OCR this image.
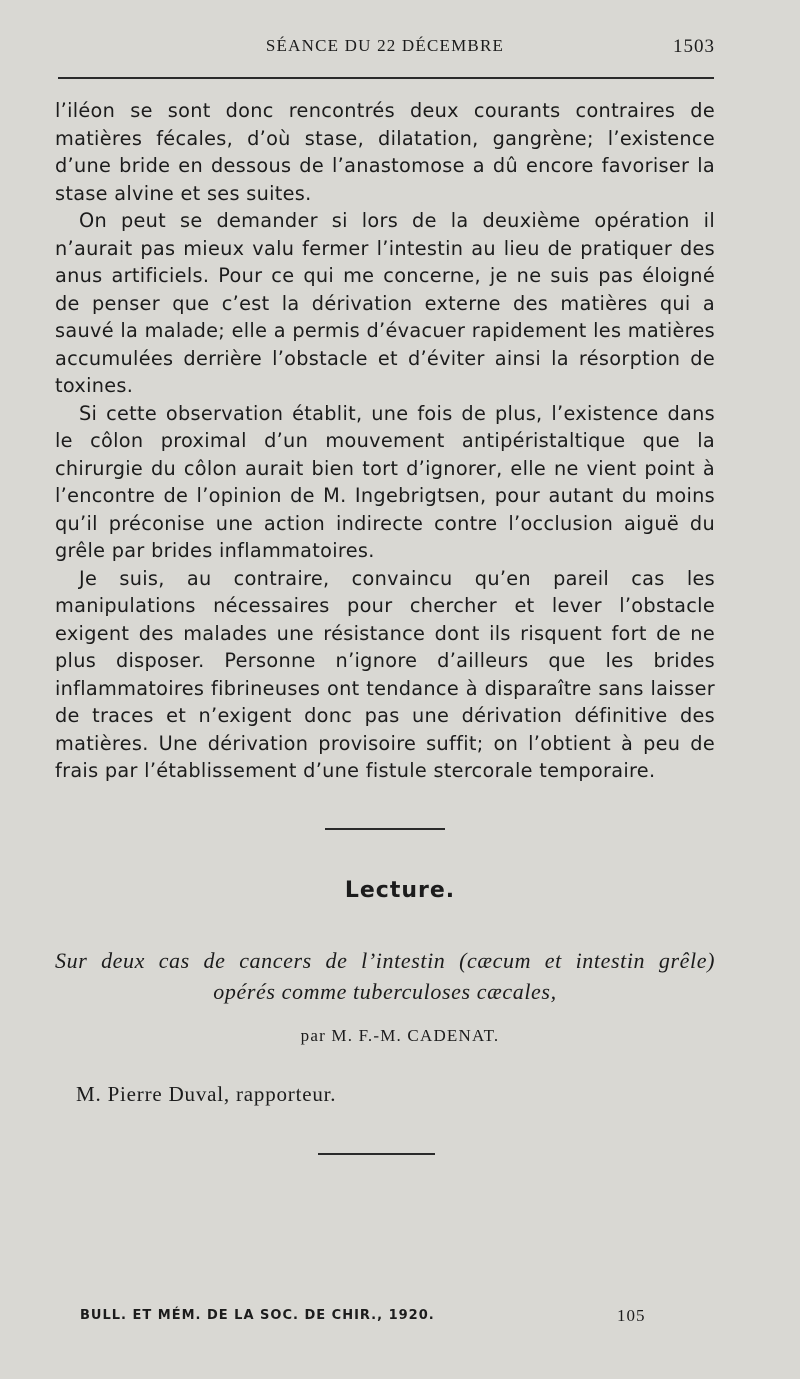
SÉANCE DU 22 DÉCEMBRE	1503

l’iléon se sont donc rencontrés deux courants contraires de matières fécales, d’où stase, dilatation, gangrène; l’existence d’une bride en dessous de l’anastomose a dû encore favoriser la stase alvine et ses suites.

On peut se demander si lors de la deuxième opération il n’aurait pas mieux valu fermer l’intestin au lieu de pratiquer des anus artificiels. Pour ce qui me concerne, je ne suis pas éloigné de penser que c’est la dérivation externe des matières qui a sauvé la malade; elle a permis d’évacuer rapidement les matières accumulées derrière l’obstacle et d’éviter ainsi la résorption de toxines.

Si cette observation établit, une fois de plus, l’existence dans le côlon proximal d’un mouvement antipéristaltique que la chirurgie du côlon aurait bien tort d’ignorer, elle ne vient point à l’encontre de l’opinion de M. Ingebrigtsen, pour autant du moins qu’il préconise une action indirecte contre l’occlusion aiguë du grêle par brides inflammatoires.

Je suis, au contraire, convaincu qu’en pareil cas les manipulations nécessaires pour chercher et lever l’obstacle exigent des malades une résistance dont ils risquent fort de ne plus disposer. Personne n’ignore d’ailleurs que les brides inflammatoires fibrineuses ont tendance à disparaître sans laisser de traces et n’exigent donc pas une dérivation définitive des matières. Une dérivation provisoire suffit; on l’obtient à peu de frais par l’établissement d’une fistule stercorale temporaire.

Lecture.
Sur deux cas de cancers de l’intestin (cæcum et intestin grêle)
opérés comme tuberculoses cæcales,
par M. F.-M. CADENAT.
M. Pierre Duval, rapporteur.
BULL. ET MÉM. DE LA SOC. DE CHIR., 1920.	105
